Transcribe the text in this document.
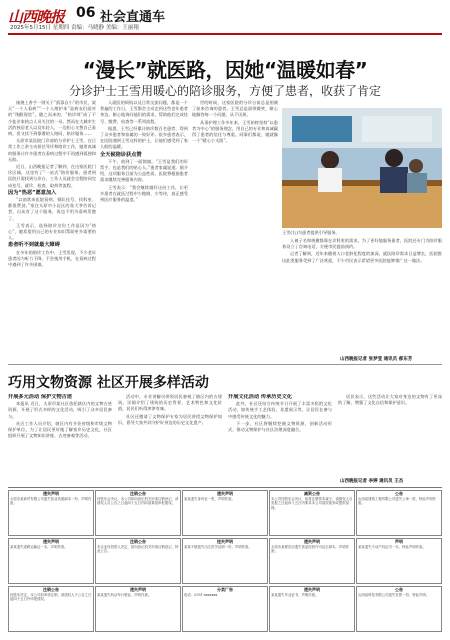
山西晚报 06 社会直通车
2025年5月15日 星期四 责编：马晓静 美编：王丽翔
“漫长”就医路，因她“温暖如春”
分诊护士王雪用暖心的陪诊服务，方便了患者，收获了肯定

刚烧上香手一则关于“孤寡自小”的市民，架天“一个人看病”“一个人维护本”是病友们面对的“残酷现状”。随之而来的，“陪诊师”成了不少盐业家热点人员关注的一员。然而在大城市生活的独居老人以及年轻人，一边担心又想自己看病，但又找不到靠谱的人陪同，陪诊服务……

太原市某医院门诊部的分诊护士王雪，在日常工作之余主动担任导诊和陪诊工作，她用真诚的服务让许多患者在看病过程中不再感到孤独和无助。

近日，山西晚报记者了解到，在这家医院门诊区域，这里有了“一站式”陪诊服务，患者到医院只需找到分诊台，工作人员就会全程陪同完成挂号、就诊、检查、取药等流程。

因为“热恶”愿意加入

“以前常来医院看病，排队挂号、找科室，都很费劲。”家住太原市小店区的张大爷告诉记者，自从有了这个服务，再也不用为看病发愁了。

王雪表示，选择陪诊这份工作是因为“热心”，她希望用自己的专业知识帮助更多需要的人。

患者听不到就最大障碍

在多年的陪诊工作中，王雪发现，不少老年患者因为听力下降、不会使用手机，在看病过程中遇到了许多困难。

入就医的烦恼以及日常交流问题，都是一个普遍的工作日，王雪都会主动走到这些老年患者身边，耐心地询问他们的需求，帮助他们完成挂号、缴费、检查等一系列流程。

据悉，王雪已经累计陪诊数百名患者，得到了众多患者和家属的一致好评。很多患者表示，在医院遇到王雪这样的护士，让他们感受到了家人般的温暖。

全天候陪诊获点赞

下午，收到了一面锦旗。“王雪是我们的好帮手，也是我们的贴心人。”患者家属说道。据介绍，这项服务目前为公益性质，医院将根据患者需求继续完善服务内容。

王雪表示：“我会继续做好这份工作，让更多患者在就医过程中少跑路、少等待，真正感受到医疗服务的温度。”

世的时候，这家医院的分诊台前总是围满了前来咨询的患者。王雪总是面带微笑，耐心地解答每一个问题，从不厌烦。

从事护理工作多年来，王雪始终坚持“以患者为中心”的服务理念，用自己的专业和真诚赢得了患者的信任与尊重。同事们都说，她就像一个“暖心小太阳”。

王雪(右)为患者提供引导服务。

入被子名和规模都靠在诊科室的需求，为了更好地服务患者，医院还专门为陪诊服务设立了咨询电话，方便市民提前预约。

记者了解到，近年来随着人口老龄化程度的加深，就医陪诊需求日益增长，医院推出此类服务受到了广泛欢迎，不少市民表示希望更多医院能够推广这一做法。

山西晚报记者 张梦莹 通讯员 郝东芳
巧用文物资源 社区开展多样活动

开展多元活动 保护文物古迹

本报讯 近日，太原市某社区依托辖区内的文物古迹资源，开展了形式多样的文化活动，吸引了众多居民参与。

社区工作人员介绍，辖区内有多处省级和市级文物保护单位，为了让居民更好地了解家乡历史文化，社区组织开展了文物知识讲座、古迹参观等活动。

活动中，专业讲解员带领居民参观了辖区内的古建筑，详细介绍了建筑的历史背景、艺术特色和文化价值，居民们听得津津有味。

社区还邀请了文物保护专家为居民讲授文物保护知识，倡导大家共同守护好身边的历史文化遗产。

开展文化活动 传承历史文化

此外，社区还结合传统节日开展了丰富多彩的文化活动，如传统手工艺体验、非遗展示等，让居民在参与中感受传统文化的魅力。

下一步，社区将继续挖掘文物资源，创新活动形式，推动文物保护与社区治理深度融合。

居民表示，这些活动让大家对身边的文物有了更深的了解，增强了文化自信和保护意识。

山西晚报记者 李婷 通讯员 王杰
遗失声明
太原市某商贸有限公司遗失营业执照副本一份，声明作废。
注销公告
经股东会决议，本公司拟向登记机关申请注销登记，请债权人自公告之日起四十五日内向清算组申报债权。
遗失声明
某某遗失身份证一张，声明作废。
减资公告
本公司经股东会决议，拟将注册资本减少，请债权人自见报之日起四十五日内要求本公司清偿债务或提供担保。
公告
山西某建筑工程有限公司遗失公章一枚，特此声明作废。
遗失声明
某某遗失道路运输证一本，声明作废。
注销公告
本企业经投资人决定，拟向登记机关申请注销登记，特此公告。
挂失声明
某某不慎遗失出生医学证明一份，声明作废。
遗失声明
太原市某餐饮店遗失食品经营许可证正副本，声明作废。
声明
某某遗失不动产权证书一本，特此声明作废。
注销公告
经股东决定，本公司拟申请注销，请债权人于公告之日起四十五日内申报债权。
遗失声明
某某遗失机动车行驶证，声明作废。
分类广告
电话：0351-xxxxxxx
遗失声明
某某遗失毕业证书，声明作废。
公告
山西某科技有限公司遗失发票一份，特此声明。
